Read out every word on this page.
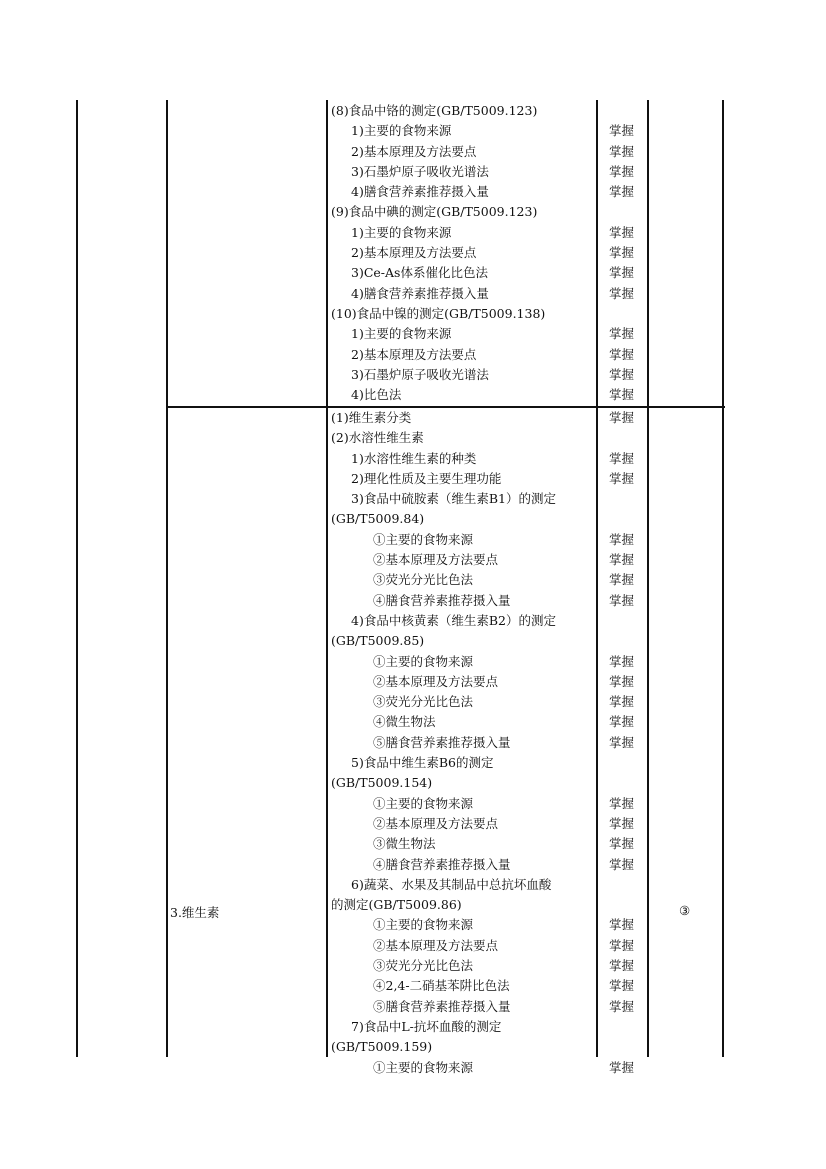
(8)食品中铬的测定(GB/T5009.123)
1)主要的食物来源	掌握
2)基本原理及方法要点	掌握
3)石墨炉原子吸收光谱法	掌握
4)膳食营养素推荐摄入量	掌握
(9)食品中碘的测定(GB/T5009.123)
1)主要的食物来源	掌握
2)基本原理及方法要点	掌握
3)Ce-As体系催化比色法	掌握
4)膳食营养素推荐摄入量	掌握
(10)食品中镍的测定(GB/T5009.138)
1)主要的食物来源	掌握
2)基本原理及方法要点	掌握
3)石墨炉原子吸收光谱法	掌握
4)比色法	掌握
(1)维生素分类	掌握
(2)水溶性维生素
1)水溶性维生素的种类	掌握
2)理化性质及主要生理功能	掌握
3)食品中硫胺素（维生素B1）的测定
(GB/T5009.84)
①主要的食物来源	掌握
②基本原理及方法要点	掌握
③荧光分光比色法	掌握
④膳食营养素推荐摄入量	掌握
4)食品中核黄素（维生素B2）的测定
(GB/T5009.85)
①主要的食物来源	掌握
②基本原理及方法要点	掌握
③荧光分光比色法	掌握
④微生物法	掌握
⑤膳食营养素推荐摄入量	掌握
5)食品中维生素B6的测定
(GB/T5009.154)
①主要的食物来源	掌握
②基本原理及方法要点	掌握
③微生物法	掌握
④膳食营养素推荐摄入量	掌握
6)蔬菜、水果及其制品中总抗坏血酸
的测定(GB/T5009.86)
①主要的食物来源	掌握
②基本原理及方法要点	掌握
③荧光分光比色法	掌握
④2,4-二硝基苯阱比色法	掌握
⑤膳食营养素推荐摄入量	掌握
7)食品中L-抗坏血酸的测定
(GB/T5009.159)
①主要的食物来源	掌握
3.维生素	③
